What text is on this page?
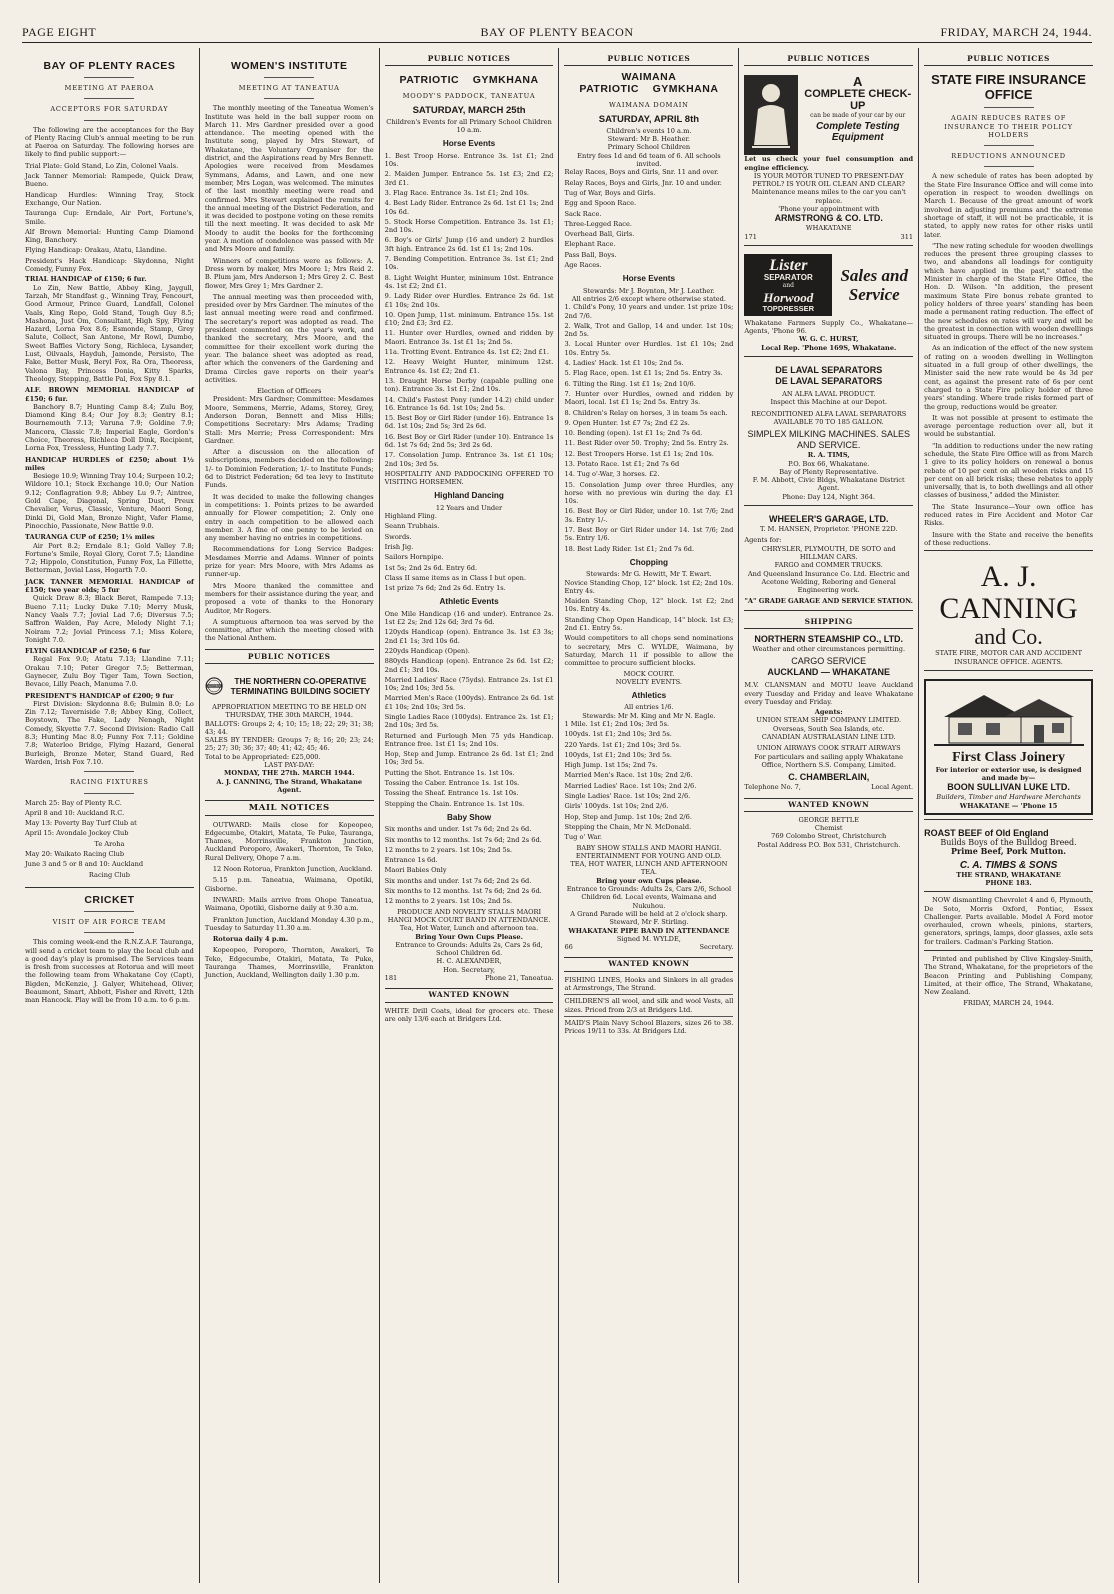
PAGE EIGHT	BAY OF PLENTY BEACON	FRIDAY, MARCH 24, 1944.
BAY OF PLENTY RACES
MEETING AT PAEROA
ACCEPTORS FOR SATURDAY

The following are the acceptances for the Bay of Plenty Racing Club's annual meeting to be run at Paeroa on Saturday. The following horses are likely to find public support:—

Trial Plate: Gold Stand, Lo Zin, Colonel Vaals.
Jack Tanner Memorial: Rampede, Quick Draw, Bueno.
Handicap Hurdles: Winning Tray, Stock Exchange, Our Nation.
Tauranga Cup: Erndale, Air Port, Fortune's, Smile.
Alf Brown Memorial: Hunting Camp Diamond King, Banchory.
Flying Handicap: Orakau, Atatu, Llandine.
President's Hack Handicap: Skydonna, Night Comedy, Funny Fox.
TRIAL HANDICAP of £150; 6 fur.

Lo Zin, New Battle, Abbey King, Jaygull, Tarzah, Mr Standfast g., Winning Tray, Fencourt, Good Armour, Prince Guard, Landfall, Colonel Vaals, King Repo, Gold Stand, Tough Guy 8.5; Mashona, Just Om, Consultant, High Spy, Flying Hazard, Lorna Fox 8.6; Esmonde, Stamp, Grey Salute, Collect, San Antone, Mr Rowl, Dumbo, Sweet Baffles Victory Song, Richleca, Lysander, Lust, Oilvaals, Hayduh, Jamonde, Persisto, The Fake, Better Musk, Beryl Fox, Ra Ora, Theoress, Valona Bay, Princess Donia, Kitty Sparks, Theology, Stepping, Battle Pal, Fox Spy 8.1.

ALF. BROWN MEMORIAL HANDICAP of £150; 6 fur.

Banchory 8.7; Hunting Camp 8.4; Zulu Boy, Diamond King 8.4; Our Joy 8.3; Gentry 8.1; Bournemouth 7.13; Varuna 7.9; Goldine 7.9; Mancora, Classic 7.8; Imperial Eagle, Gordon's Choice, Theoress, Richleca Doll Dink, Recipient, Lorna Fox, Tressless, Hunting Lady 7.7.

HANDICAP HURDLES of £250; about 1½ miles

Besiege 10.9; Winning Tray 10.4; Surpeen 10.2; Wildore 10.1; Stock Exchange 10.0; Our Nation 9.12; Conflagration 9.8; Abbey Lu 9.7; Aintree, Gold Cape, Diagonal, Spring Dust, Preux Chevalier, Verus, Classic, Venture, Maori Song, Dinki Di, Gold Man, Bronze Night, Vafer Flame, Pinocchio, Passionate, New Battle 9.0.

TAURANGA CUP of £250; 1¼ miles

Air Port 8.2; Erndale 8.1; Gold Valley 7.8; Fortune's Smile, Royal Glory, Corot 7.5; Llandine 7.2; Hippolo, Constitution, Funny Fox, La Fillette, Betterman, Jovial Lass, Hogarth 7.0.

JACK TANNER MEMORIAL HANDICAP of £150; two year olds; 5 fur

Quick Draw 8.3; Black Beret, Rampede 7.13; Bueno 7.11; Lucky Duke 7.10; Merry Musk, Nancy Vaals 7.7; Jovial Lad 7.6; Diversus 7.5; Saffron Walden, Pay Acre, Melody Night 7.1; Noiram 7.2; Jovial Princess 7.1; Miss Kolere, Tonight 7.0.

FLYIN GHANDICAP of £250; 6 fur

Regal Fox 9.0; Atatu 7.13; Llandine 7.11; Orakau 7.10; Peter Gregor 7.5; Betterman, Gaynecer, Zulu Boy Tiger Tam, Town Section, Bevace, Lilly Peach, Manuma 7.0.

PRESIDENT'S HANDICAP of £200; 9 fur

First Division: Skydonna 8.6; Bulmin 8.0; Lo Zin 7.12; Taverniside 7.8; Abbey King, Collect, Boystown, The Fake, Lady Nenagh, Night Comedy, Skyette 7.7. Second Division: Radio Call 8.3; Hunting Mac 8.0; Funny Fox 7.11; Goldine 7.8; Waterloo Bridge, Flying Hazard, General Burleigh, Bronze Meter, Stand Guard, Red Warden, Irish Fox 7.10.

RACING FIXTURES
March 25: Bay of Plenty R.C.
April 8 and 10: Auckland R.C.
May 13: Poverty Bay Turf Club at
April 15: Avondale Jockey Club
Te Aroha
May 20: Waikato Racing Club
June 3 and 5 or 8 and 10: Auckland
Racing Club
CRICKET
VISIT OF AIR FORCE TEAM

This coming week-end the R.N.Z.A.F. Tauranga, will send a cricket team to play the local club and a good day's play is promised. The Services team is fresh from successes at Rotorua and will meet the following team from Whakatane Coy (Capt), Bigden, McKenzie, J. Galyer, Whitehead, Oliver, Beaumont, Smart, Abbott, Fisher and Rivett, 12th man Hancock. Play will be from 10 a.m. to 6 p.m.

WOMEN'S INSTITUTE
MEETING AT TANEATUA

The monthly meeting of the Taneatua Women's Institute was held in the ball supper room on March 11. Mrs Gardner presided over a good attendance. The meeting opened with the Institute song, played by Mrs Stewart, of Whakatane, the Voluntary Organiser for the district, and the Aspirations read by Mrs Bennett. Apologies were received from Mesdames Symmans, Adams, and Lawn, and one new member, Mrs Logan, was welcomed. The minutes of the last monthly meeting were read and confirmed. Mrs Stewart explained the remits for the annual meeting of the District Federation, and it was decided to postpone voting on these remits till the next meeting. It was decided to ask Mr Moody to audit the books for the forthcoming year. A motion of condolence was passed with Mr and Mrs Moore and family.

Winners of competitions were as follows: A. Dress worn by maker, Mrs Moore 1; Mrs Reid 2. B. Plum jam, Mrs Anderson 1; Mrs Grey 2. C. Best flower, Mrs Grey 1; Mrs Gardner 2.

The annual meeting was then proceeded with, presided over by Mrs Gardner. The minutes of the last annual meeting were read and confirmed. The secretary's report was adopted as read. The president commented on the year's work, and thanked the secretary, Mrs Moore, and the committee for their excellent work during the year. The balance sheet was adopted as read, after which the conveners of the Gardening and Drama Circles gave reports on their year's activities.

Election of Officers

President: Mrs Gardner; Committee: Mesdames Moore, Semmens, Merrie, Adams, Storey, Grey, Anderson Doran, Bennett and Miss Hills; Competitions Secretary: Mrs Adams; Trading Stall: Mrs Merrie; Press Correspondent: Mrs Gardner.

After a discussion on the allocation of subscriptions, members decided on the following: 1/- to Dominion Federation; 1/- to Institute Funds; 6d to District Federation; 6d tea levy to Institute Funds.

It was decided to make the following changes in competitions: 1. Points prizes to be awarded annually for Flower competition; 2. Only one entry in each competition to be allowed each member. 3. A fine of one penny to be levied on any member having no entries in competitions.

Recommendations for Long Service Badges: Mesdames Merrie and Adams. Winner of points prize for year: Mrs Moore, with Mrs Adams as runner-up.

Mrs Moore thanked the committee and members for their assistance during the year, and proposed a vote of thanks to the Honorary Auditor, Mr Rogers.

A sumptuous afternoon tea was served by the committee, after which the meeting closed with the National Anthem.

PUBLIC NOTICES
NORTHERN
THE NORTHERN CO-OPERATIVE TERMINATING BUILDING SOCIETY
APPROPRIATION MEETING TO BE HELD ON THURSDAY, THE 30th MARCH, 1944.
BALLOTS: Groups 2; 4; 10; 15; 18; 22; 29; 31; 38; 43; 44.
SALES BY TENDER: Groups 7; 8; 16; 20; 23; 24; 25; 27; 30; 36; 37; 40; 41; 42; 45; 46.
Total to be Appropriated: £25,000.
LAST PAY-DAY:
MONDAY, THE 27th. MARCH 1944.
A. J. CANNING, The Strand, Whakatane Agent.
MAIL NOTICES

OUTWARD: Mails close for Kopeopeo, Edgecumbe, Otakiri, Matata, Te Puke, Tauranga, Thames, Morrinsville, Frankton Junction, Auckland Poroporo, Awakeri, Thornton, Te Teko, Rural Delivery, Ohope 7 a.m.

12 Noon Rotorua, Frankton Junction, Auckland.

5.15 p.m. Taneatua, Waimana, Opotiki, Gisborne.

INWARD: Mails arrive from Ohope Taneatua, Waimana, Opotiki, Gisborne daily at 9.30 a.m.

Frankton Junction, Auckland Monday 4.30 p.m., Tuesday to Saturday 11.30 a.m.

Rotorua daily 4 p.m.

Kopeopeo, Poroporo, Thornton, Awakeri, Te Teko, Edgecumbe, Otakiri, Matata, Te Puke, Tauranga Thames, Morrinsville, Frankton Junction, Auckland, Wellington daily 1.30 p.m.

PUBLIC NOTICES
PATRIOTIC    GYMKHANA
MOODY'S PADDOCK, TANEATUA
SATURDAY, MARCH 25th
Children's Events for all Primary School Children 10 a.m.
Horse Events
1. Best Troop Horse. Entrance 3s. 1st £1; 2nd 10s.
2. Maiden Jumper. Entrance 5s. 1st £3; 2nd £2; 3rd £1.
3. Flag Race. Entrance 3s. 1st £1; 2nd 10s.
4. Best Lady Rider. Entrance 2s 6d. 1st £1 1s; 2nd 10s 6d.
5. Stock Horse Competition. Entrance 3s. 1st £1; 2nd 10s.
6. Boy's or Girls' Jump (16 and under) 2 hurdles 3ft high. Entrance 2s 6d. 1st £1 1s; 2nd 10s.
7. Bending Competition. Entrance 3s. 1st £1; 2nd 10s.
8. Light Weight Hunter, minimum 10st. Entrance 4s. 1st £2; 2nd £1.
9. Lady Rider over Hurdles. Entrance 2s 6d. 1st £1 10s; 2nd 10s.
10. Open Jump, 11st. minimum. Entrance 15s. 1st £10; 2nd £3; 3rd £2.
11. Hunter over Hurdles, owned and ridden by Maori. Entrance 3s. 1st £1 1s; 2nd 5s.
11a. Trotting Event. Entrance 4s. 1st £2; 2nd £1.
12. Heavy Weight Hunter, minimum 12st. Entrance 4s. 1st £2; 2nd £1.
13. Draught Horse Derby (capable pulling one ton). Entrance 3s. 1st £1; 2nd 10s.
14. Child's Fastest Pony (under 14.2) child under 16. Entrance 1s 6d. 1st 10s; 2nd 5s.
15. Best Boy or Girl Rider (under 16). Entrance 1s 6d. 1st 10s; 2nd 5s; 3rd 2s 6d.
16. Best Boy or Girl Rider (under 10). Entrance 1s 6d. 1st 7s 6d; 2nd 5s; 3rd 2s 6d.
17. Consolation Jump. Entrance 3s. 1st £1 10s; 2nd 10s; 3rd 5s.
HOSPITALITY AND PADDOCKING OFFERED TO VISITING HORSEMEN.
Highland Dancing
12 Years and Under
Highland Fling.
Seann Trubhais.
Swords.
Irish Jig.
Sailors Hornpipe.
1st 5s; 2nd 2s 6d. Entry 6d.
Class II same items as in Class I but open.
1st prize 7s 6d; 2nd 2s 6d. Entry 1s.
Athletic Events
One Mile Handicap (16 and under). Entrance 2s. 1st £2 2s; 2nd 12s 6d; 3rd 7s 6d.
120yds Handicap (open). Entrance 3s. 1st £3 3s; 2nd £1 1s; 3rd 10s 6d.
220yds Handicap (Open).
880yds Handicap (open). Entrance 2s 6d. 1st £2; 2nd £1; 3rd 10s.
Married Ladies' Race (75yds). Entrance 2s. 1st £1 10s; 2nd 10s; 3rd 5s.
Married Men's Race (100yds). Entrance 2s 6d. 1st £1 10s; 2nd 10s; 3rd 5s.
Single Ladies Race (100yds). Entrance 2s. 1st £1; 2nd 10s; 3rd 5s.
Returned and Furlough Men 75 yds Handicap. Entrance free. 1st £1 1s; 2nd 10s.
Hop, Step and Jump. Entrance 2s 6d. 1st £1; 2nd 10s; 3rd 5s.
Putting the Shot. Entrance 1s. 1st 10s.
Tossing the Caber. Entrance 1s. 1st 10s.
Tossing the Sheaf. Entrance 1s. 1st 10s.
Stepping the Chain. Entrance 1s. 1st 10s.
Baby Show
Six months and under. 1st 7s 6d; 2nd 2s 6d.
Six months to 12 months. 1st 7s 6d; 2nd 2s 6d.
12 months to 2 years. 1st 10s; 2nd 5s.
Entrance 1s 6d.
Maori Babies Only
Six months and under. 1st 7s 6d; 2nd 2s 6d.
Six months to 12 months. 1st 7s 6d; 2nd 2s 6d.
12 months to 2 years. 1st 10s; 2nd 5s.
PRODUCE AND NOVELTY STALLS MAORI HANGI MOCK COURT BAND IN ATTENDANCE.
Tea, Hot Water, Lunch and afternoon tea.
Bring Your Own Cups Please.
Entrance to Grounds: Adults 2s, Cars 2s 6d, School Children 6d.
H. C. ALEXANDER,
Hon. Secretary,
181	Phone 21, Taneatua.
WANTED KNOWN
WHITE Drill Coats, ideal for grocers etc. These are only 13/6 each at Bridgers Ltd.
PUBLIC NOTICES
WAIMANA
PATRIOTIC    GYMKHANA
WAIMANA DOMAIN
SATURDAY, APRIL 8th
Children's events 10 a.m.
Steward: Mr B. Heather.
Primary School Children
Entry fees 1d and 6d team of 6. All schools invited.
Relay Races, Boys and Girls, Snr. 11 and over.
Relay Races, Boys and Girls, Jnr. 10 and under.
Tug of War, Boys and Girls.
Egg and Spoon Race.
Sack Race.
Three-Legged Race.
Overhead Ball, Girls.
Elephant Race.
Pass Ball, Boys.
Age Races.
Horse Events
Stewards: Mr J. Boynton, Mr J. Leather.
All entries 2/6 except where otherwise stated.
1. Child's Pony, 10 years and under. 1st prize 10s; 2nd 7/6.
2. Walk, Trot and Gallop, 14 and under. 1st 10s; 2nd 5s.
3. Local Hunter over Hurdles. 1st £1 10s; 2nd 10s. Entry 5s.
4. Ladies' Hack. 1st £1 10s; 2nd 5s.
5. Flag Race, open. 1st £1 1s; 2nd 5s. Entry 3s.
6. Tilting the Ring. 1st £1 1s; 2nd 10/6.
7. Hunter over Hurdles, owned and ridden by Maori, local. 1st £1 1s; 2nd 5s. Entry 3s.
8. Children's Relay on horses, 3 in team 5s each.
9. Open Hunter. 1st £7 7s; 2nd £2 2s.
10. Bending (open). 1st £1 1s; 2nd 7s 6d.
11. Best Rider over 50. Trophy; 2nd 5s. Entry 2s.
12. Best Troopers Horse. 1st £1 1s; 2nd 10s.
13. Potato Race. 1st £1; 2nd 7s 6d
14. Tug o'-War, 3 horses. £2.
15. Consolation Jump over three Hurdles, any horse with no previous win during the day. £1 10s.
16. Best Boy or Girl Rider, under 10. 1st 7/6; 2nd 3s. Entry 1/-.
17. Best Boy or Girl Rider under 14. 1st 7/6; 2nd 5s. Entry 1/6.
18. Best Lady Rider. 1st £1; 2nd 7s 6d.
Chopping
Stewards: Mr G. Hewitt, Mr T. Ewart.
Novice Standing Chop, 12" block. 1st £2; 2nd 10s. Entry 4s.
Maiden Standing Chop, 12" block. 1st £2; 2nd 10s. Entry 4s.
Standing Chop Open Handicap, 14" block. 1st £3; 2nd £1. Entry 5s.
Would competitors to all chops send nominations to secretary, Mrs C. WYLDE, Waimana, by Saturday, March 11 if possible to allow the committee to procure sufficient blocks.
MOCK COURT.
NOVELTY EVENTS.
Athletics
All entries 1/6.
Stewards: Mr M. King and Mr N. Eagle.
1 Mile. 1st £1; 2nd 10s; 3rd 5s.
100yds. 1st £1; 2nd 10s; 3rd 5s.
220 Yards. 1st £1; 2nd 10s; 3rd 5s.
100yds, 1st £1; 2nd 10s; 3rd 5s.
High Jump. 1st 15s; 2nd 7s.
Married Men's Race. 1st 10s; 2nd 2/6.
Married Ladies' Race. 1st 10s; 2nd 2/6.
Single Ladies' Race. 1st 10s; 2nd 2/6.
Girls' 100yds. 1st 10s; 2nd 2/6.
Hop, Step and Jump. 1st 10s; 2nd 2/6.
Stepping the Chain, Mr N. McDonald.
Tug o' War.
BABY SHOW STALLS AND MAORI HANGI. ENTERTAINMENT FOR YOUNG AND OLD.
TEA, HOT WATER, LUNCH AND AFTERNOON TEA.
Bring your own Cups please.
Entrance to Grounds: Adults 2s, Cars 2/6, School Children 6d. Local events, Waimana and Nukuhou.
A Grand Parade will be held at 2 o'clock sharp. Steward, Mr F. Stirling.
WHAKATANE PIPE BAND IN ATTENDANCE
Signed M. WYLDE,
66	Secretary.
WANTED KNOWN
FISHING LINES, Hooks and Sinkers in all grades at Armstrongs, The Strand.
CHILDREN'S all wool, and silk and wool Vests, all sizes. Priced from 2/3 at Bridgers Ltd.
MAID'S Plain Navy School Blazers, sizes 26 to 38. Prices 19/11 to 33s. At Bridgers Ltd.
PUBLIC NOTICES
A
COMPLETE CHECK-UP
can be made of your car by our
Complete Testing Equipment
Let us check your fuel consumption and engine efficiency.
IS YOUR MOTOR TUNED TO PRESENT-DAY PETROL? IS YOUR OIL CLEAN AND CLEAR?
Maintenance means miles to the car you can't replace.
'Phone your appointment with
ARMSTRONG & CO. LTD.
WHAKATANE
171	311
Lister
SEPARATOR
and
Horwood
TOPDRESSER
Sales and Service
Whakatane Farmers Supply Co., Whakatane—Agents, 'Phone 96.
W. G. C. HURST,
Local Rep. 'Phone 169S, Whakatane.
DE LAVAL SEPARATORS
DE LAVAL SEPARATORS
AN ALFA LAVAL PRODUCT.
Inspect this Machine at our Depot.
RECONDITIONED ALFA LAVAL SEPARATORS AVAILABLE 70 TO 185 GALLON.
SIMPLEX MILKING MACHINES. SALES AND SERVICE.
R. A. TIMS,
P.O. Box 66, Whakatane.
Bay of Plenty Representative.
F. M. Abbott, Civic Bldgs, Whakatane District Agent.
Phone: Day 124, Night 364.
WHEELER'S GARAGE, LTD.
T. M. HANSEN, Proprietor. 'PHONE 22D.
Agents for:
CHRYSLER, PLYMOUTH, DE SOTO and HILLMAN CARS.
FARGO and COMMER TRUCKS.
And Queensland Insurance Co. Ltd. Electric and Acetone Welding, Reboring and General Engineering work.
"A" GRADE GARAGE AND SERVICE STATION.
SHIPPING
NORTHERN STEAMSHIP CO., LTD.
Weather and other circumstances permitting.
CARGO SERVICE
AUCKLAND — WHAKATANE
M.V. CLANSMAN and MOTU leave Auckland every Tuesday and Friday and leave Whakatane every Tuesday and Friday.
Agents:
UNION STEAM SHIP COMPANY LIMITED.
Overseas, South Sea Islands, etc.
CANADIAN AUSTRALASIAN LINE LTD.
UNION AIRWAYS COOK STRAIT AIRWAYS
For particulars and sailing apply Whakatane Office, Northern S.S. Company, Limited.
C. CHAMBERLAIN,
Telephone No. 7,	Local Agent.
WANTED KNOWN
GEORGE BETTLE
Chemist
769 Colombo Street, Christchurch
Postal Address P.O. Box 531, Christchurch.
PUBLIC NOTICES
STATE FIRE INSURANCE OFFICE
AGAIN REDUCES RATES OF INSURANCE TO THEIR POLICY HOLDERS
REDUCTIONS ANNOUNCED

A new schedule of rates has been adopted by the State Fire Insurance Office and will come into operation in respect to wooden dwellings on March 1. Because of the great amount of work involved in adjusting premiums and the extreme shortage of staff, it will not be practicable, it is stated, to apply new rates for other risks until later.

"The new rating schedule for wooden dwellings reduces the present three grouping classes to two, and abandons all loadings for contiguity which have applied in the past," stated the Minister in charge of the State Fire Office, the Hon. D. Wilson. "In addition, the present maximum State Fire bonus rebate granted to policy holders of three years' standing has been made a permanent rating reduction. The effect of the new schedules on rates will vary and will be the greatest in connection with wooden dwellings situated in groups. There will be no increases."

As an indication of the effect of the new system of rating on a wooden dwelling in Wellington situated in a full group of other dwellings, the Minister said the new rate would be 4s 3d per cent, as against the present rate of 6s per cent charged to a State Fire policy holder of three years' standing. Where trade risks formed part of the group, reductions would be greater.

It was not possible at present to estimate the average percentage reduction over all, but it would be substantial.

"In addition to reductions under the new rating schedule, the State Fire Office will as from March 1 give to its policy holders on renewal a bonus rebate of 10 per cent on all wooden risks and 15 per cent on all brick risks; these rebates to apply universally, that is, to both dwellings and all other classes of business," added the Minister.

The State Insurance—Your own office has reduced rates in Fire Accident and Motor Car Risks.

Insure with the State and receive the benefits of these reductions.

A. J. CANNING
and Co.
STATE FIRE, MOTOR CAR AND ACCIDENT INSURANCE OFFICE. AGENTS.
First Class Joinery
For interior or exterior use, is designed and made by—
BOON SULLIVAN LUKE LTD.
Builders, Timber and Hardware Merchants
WHAKATANE — 'Phone 15
ROAST BEEF of Old England
Builds Boys of the Bulldog Breed.
Prime Beef, Pork Mutton.
C. A. TIMBS & SONS
THE STRAND, WHAKATANE
PHONE 183.

NOW dismantling Chevrolet 4 and 6, Plymouth, De Soto, Morris Oxford, Pontiac, Essex Challenger. Parts available. Model A Ford motor overhauled, crown wheels, pinions, starters, generators, springs, lamps, door glasses, axle sets for trailers. Cadman's Parking Station.

Printed and published by Clive Kingsley-Smith, The Strand, Whakatane, for the proprietors of the Beacon Printing and Publishing Company, Limited, at their office, The Strand, Whakatane, New Zealand.

FRIDAY, MARCH 24, 1944.
